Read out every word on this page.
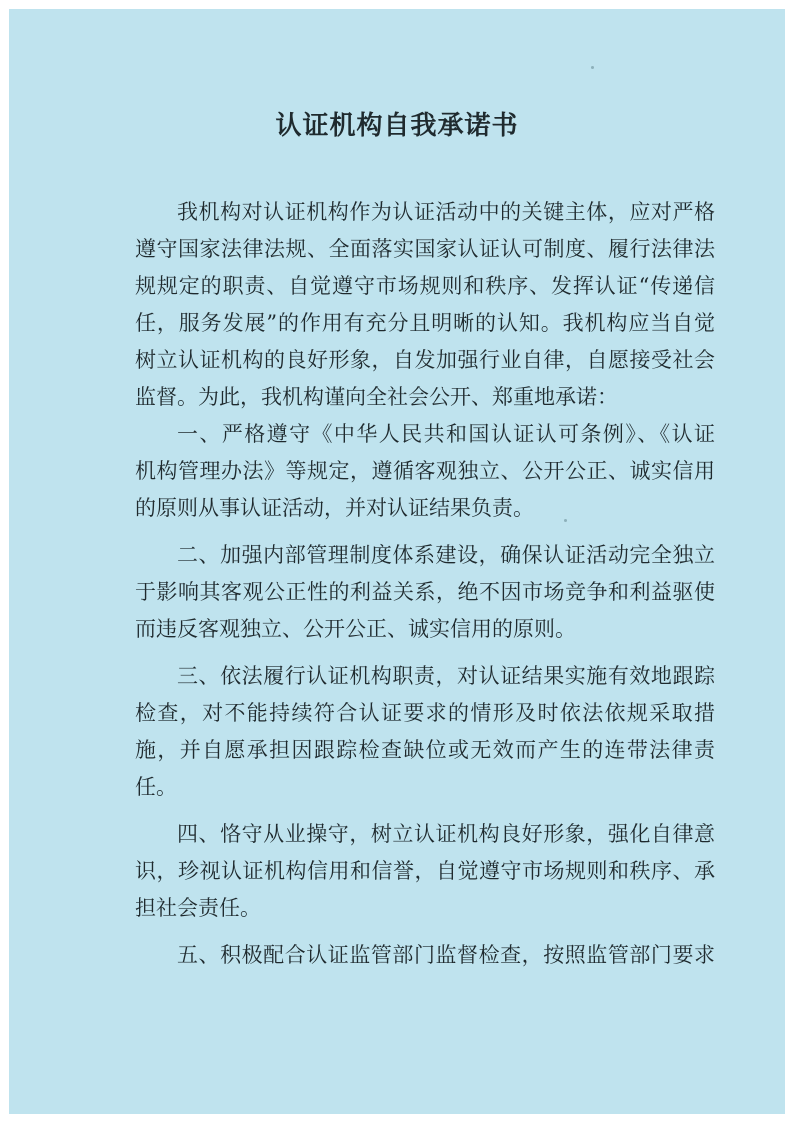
认证机构自我承诺书
我机构对认证机构作为认证活动中的关键主体，应对严格
遵守国家法律法规、全面落实国家认证认可制度、履行法律法
规规定的职责、自觉遵守市场规则和秩序、发挥认证“传递信
任，服务发展”的作用有充分且明晰的认知。我机构应当自觉
树立认证机构的良好形象，自发加强行业自律，自愿接受社会
监督。为此，我机构谨向全社会公开、郑重地承诺：
一、严格遵守《中华人民共和国认证认可条例》、《认证
机构管理办法》等规定，遵循客观独立、公开公正、诚实信用
的原则从事认证活动，并对认证结果负责。
二、加强内部管理制度体系建设，确保认证活动完全独立
于影响其客观公正性的利益关系，绝不因市场竞争和利益驱使
而违反客观独立、公开公正、诚实信用的原则。
三、依法履行认证机构职责，对认证结果实施有效地跟踪
检查，对不能持续符合认证要求的情形及时依法依规采取措
施，并自愿承担因跟踪检查缺位或无效而产生的连带法律责
任。
四、恪守从业操守，树立认证机构良好形象，强化自律意
识，珍视认证机构信用和信誉，自觉遵守市场规则和秩序、承
担社会责任。
五、积极配合认证监管部门监督检查，按照监管部门要求
